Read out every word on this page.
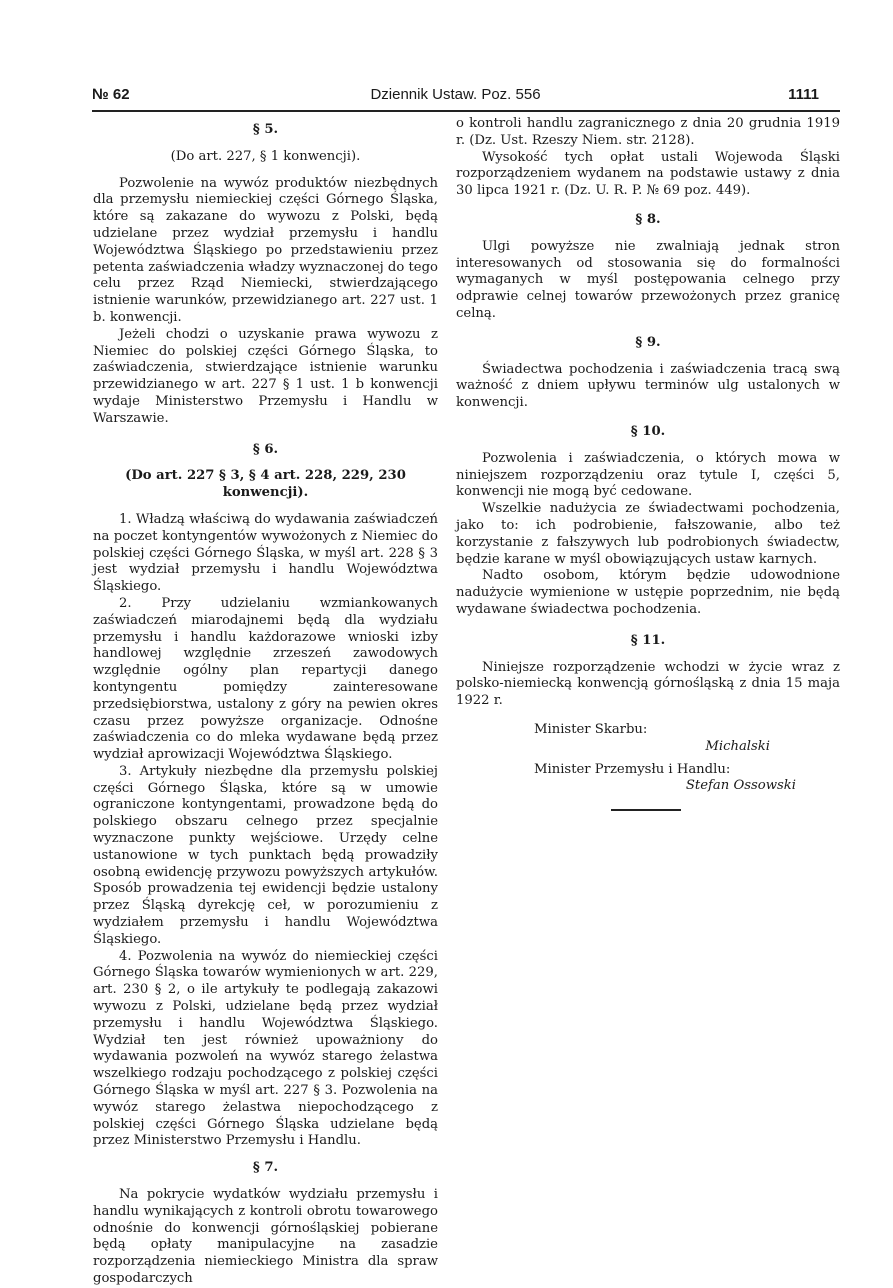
№ 62	Dziennik Ustaw. Poz. 556	1111
§ 5.
(Do art. 227, § 1 konwencji).

Pozwolenie na wywóz produktów niezbędnych dla przemysłu niemieckiej części Górnego Śląska, które są zakazane do wywozu z Polski, będą udzielane przez wydział przemysłu i handlu Województwa Śląskiego po przedstawieniu przez petenta zaświadczenia władzy wyznaczonej do tego celu przez Rząd Niemiecki, stwierdzającego istnienie warunków, przewidzianego art. 227 ust. 1 b. konwencji.

Jeżeli chodzi o uzyskanie prawa wywozu z Niemiec do polskiej części Górnego Śląska, to zaświadczenia, stwierdzające istnienie warunku przewidzianego w art. 227 § 1 ust. 1 b konwencji wydaje Ministerstwo Przemysłu i Handlu w Warszawie.

§ 6.
(Do art. 227 § 3, § 4 art. 228, 229, 230 konwencji).

1. Władzą właściwą do wydawania zaświadczeń na poczet kontyngentów wywożonych z Niemiec do polskiej części Górnego Śląska, w myśl art. 228 § 3 jest wydział przemysłu i handlu Województwa Śląskiego.

2. Przy udzielaniu wzmiankowanych zaświadczeń miarodajnemi będą dla wydziału przemysłu i handlu każdorazowe wnioski izby handlowej względnie zrzeszeń zawodowych względnie ogólny plan repartycji danego kontyngentu pomiędzy zainteresowane przedsiębiorstwa, ustalony z góry na pewien okres czasu przez powyższe organizacje. Odnośne zaświadczenia co do mleka wydawane będą przez wydział aprowizacji Województwa Śląskiego.

3. Artykuły niezbędne dla przemysłu polskiej części Górnego Śląska, które są w umowie ograniczone kontyngentami, prowadzone będą do polskiego obszaru celnego przez specjalnie wyznaczone punkty wejściowe. Urzędy celne ustanowione w tych punktach będą prowadziły osobną ewidencję przywozu powyższych artykułów. Sposób prowadzenia tej ewidencji będzie ustalony przez Śląską dyrekcję ceł, w porozumieniu z wydziałem przemysłu i handlu Województwa Śląskiego.

4. Pozwolenia na wywóz do niemieckiej części Górnego Śląska towarów wymienionych w art. 229, art. 230 § 2, o ile artykuły te podlegają zakazowi wywozu z Polski, udzielane będą przez wydział przemysłu i handlu Województwa Śląskiego. Wydział ten jest również upoważniony do wydawania pozwoleń na wywóz starego żelastwa wszelkiego rodzaju pochodzącego z polskiej części Górnego Śląska w myśl art. 227 § 3. Pozwolenia na wywóz starego żelastwa niepochodzącego z polskiej części Górnego Śląska udzielane będą przez Ministerstwo Przemysłu i Handlu.

§ 7.

Na pokrycie wydatków wydziału przemysłu i handlu wynikających z kontroli obrotu towarowego odnośnie do konwencji górnośląskiej pobierane będą opłaty manipulacyjne na zasadzie rozporządzenia niemieckiego Ministra dla spraw gospodarczych

o kontroli handlu zagranicznego z dnia 20 grudnia 1919 r. (Dz. Ust. Rzeszy Niem. str. 2128).

Wysokość tych opłat ustali Wojewoda Śląski rozporządzeniem wydanem na podstawie ustawy z dnia 30 lipca 1921 r. (Dz. U. R. P. № 69 poz. 449).

§ 8.

Ulgi powyższe nie zwalniają jednak stron interesowanych od stosowania się do formalności wymaganych w myśl postępowania celnego przy odprawie celnej towarów przewożonych przez granicę celną.

§ 9.

Świadectwa pochodzenia i zaświadczenia tracą swą ważność z dniem upływu terminów ulg ustalonych w konwencji.

§ 10.

Pozwolenia i zaświadczenia, o których mowa w niniejszem rozporządzeniu oraz tytule I, części 5, konwencji nie mogą być cedowane.

Wszelkie nadużycia ze świadectwami pochodzenia, jako to: ich podrobienie, fałszowanie, albo też korzystanie z fałszywych lub podrobionych świadectw, będzie karane w myśl obowiązujących ustaw karnych.

Nadto osobom, którym będzie udowodnione nadużycie wymienione w ustępie poprzednim, nie będą wydawane świadectwa pochodzenia.

§ 11.

Niniejsze rozporządzenie wchodzi w życie wraz z polsko-niemiecką konwencją górnośląską z dnia 15 maja 1922 r.

Minister Skarbu:
Michalski
Minister Przemysłu i Handlu:
Stefan Ossowski
